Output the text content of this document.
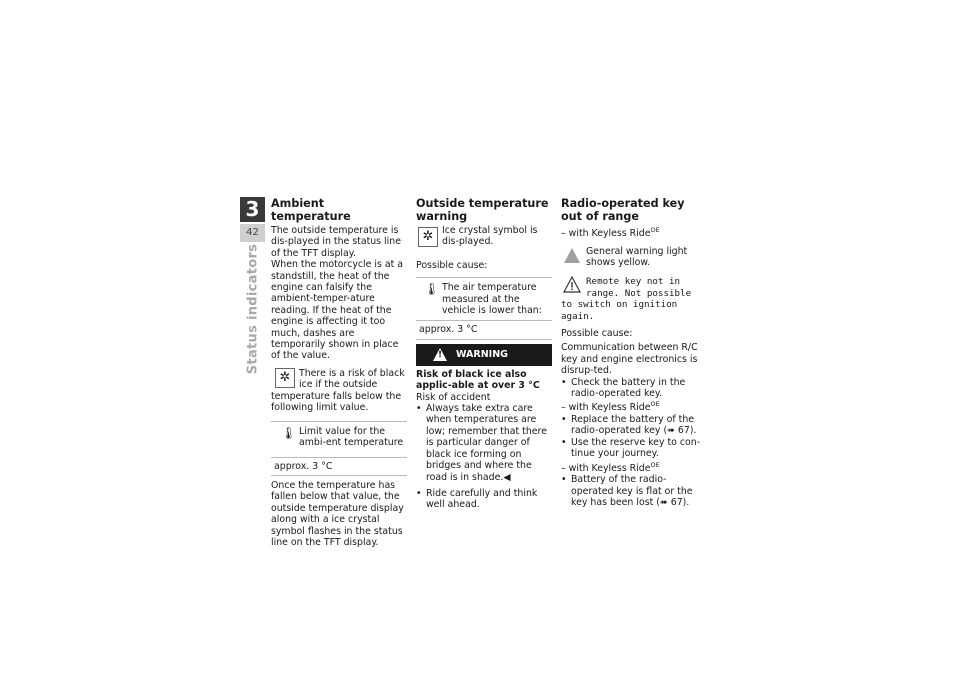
3
42
Status indicators
Ambient temperature

The outside temperature is dis-played in the status line of the TFT display.

When the motorcycle is at a standstill, the heat of the engine can falsify the ambient-temper-ature reading. If the heat of the engine is affecting it too much, dashes are temporarily shown in place of the value.

✲ There is a risk of black ice if the outside temperature falls below the following limit value.
🌡 Limit value for the ambi-ent temperature
approx. 3 °C

Once the temperature has fallen below that value, the outside temperature display along with a ice crystal symbol flashes in the status line on the TFT display.

Outside temperature warning
✲ Ice crystal symbol is dis-played.

Possible cause:

🌡 The air temperature measured at the vehicle is lower than:
approx. 3 °C
! WARNING

Risk of black ice also applic-able at over 3 °C

Risk of accident

• Always take extra care when temperatures are low; remember that there is particular danger of black ice forming on bridges and where the road is in shade.◀
• Ride carefully and think well ahead.
Radio-operated key out of range

– with Keyless Ride$^{OE}$

General warning light shows yellow.
Remote key not in range. Not possible to switch on ignition again.

Possible cause:

Communication between R/C key and engine electronics is disrup-ted.

• Check the battery in the radio-operated key.

– with Keyless Ride$^{OE}$

• Replace the battery of the radio-operated key (➠ 67).
• Use the reserve key to con-tinue your journey.

– with Keyless Ride$^{OE}$

• Battery of the radio-operated key is flat or the key has been lost (➠ 67).
